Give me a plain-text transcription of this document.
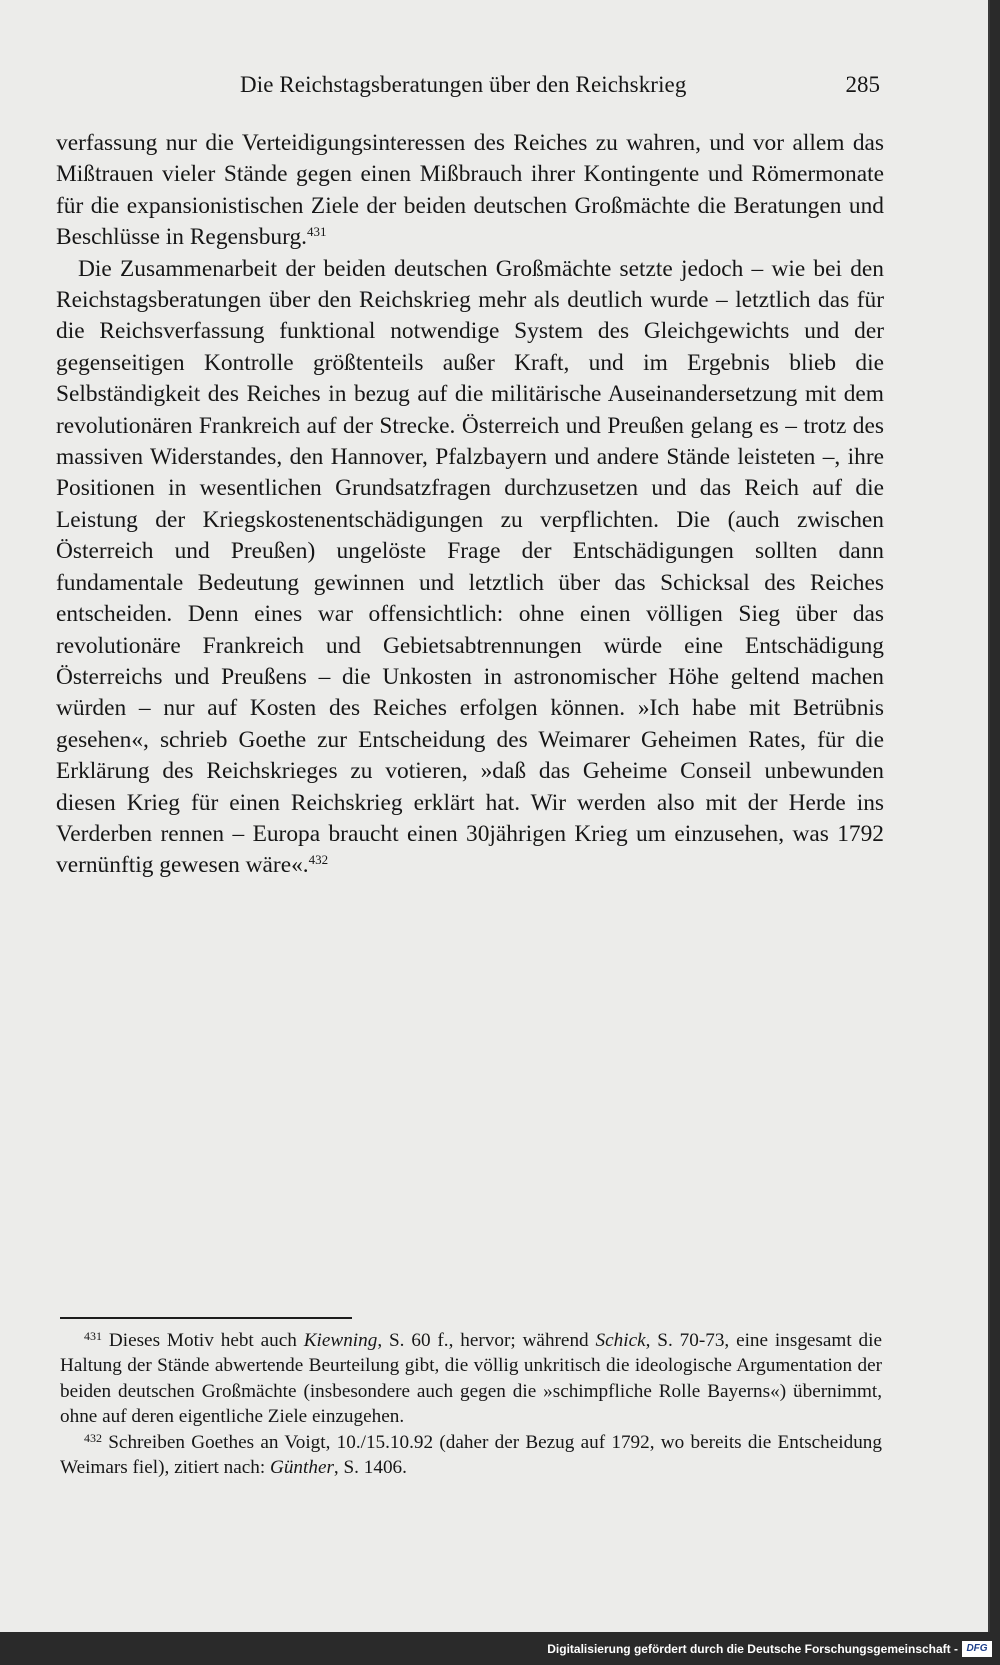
Die Reichstagsberatungen über den Reichskrieg	285

verfassung nur die Verteidigungsinteressen des Reiches zu wahren, und vor allem das Mißtrauen vieler Stände gegen einen Mißbrauch ihrer Kontingente und Römermonate für die expansionistischen Ziele der beiden deutschen Großmächte die Beratungen und Beschlüsse in Regensburg.$^{431}$

Die Zusammenarbeit der beiden deutschen Großmächte setzte jedoch – wie bei den Reichstagsberatungen über den Reichskrieg mehr als deutlich wurde – letztlich das für die Reichsverfassung funktional notwendige System des Gleichgewichts und der gegenseitigen Kontrolle größtenteils außer Kraft, und im Ergebnis blieb die Selbständigkeit des Reiches in bezug auf die militärische Auseinandersetzung mit dem revolutionären Frankreich auf der Strecke. Österreich und Preußen gelang es – trotz des massiven Widerstandes, den Hannover, Pfalzbayern und andere Stände leisteten –, ihre Positionen in wesentlichen Grundsatzfragen durchzusetzen und das Reich auf die Leistung der Kriegskostenentschädigungen zu verpflichten. Die (auch zwischen Österreich und Preußen) ungelöste Frage der Entschädigungen sollten dann fundamentale Bedeutung gewinnen und letztlich über das Schicksal des Reiches entscheiden. Denn eines war offensichtlich: ohne einen völligen Sieg über das revolutionäre Frankreich und Gebietsabtrennungen würde eine Entschädigung Österreichs und Preußens – die Unkosten in astronomischer Höhe geltend machen würden – nur auf Kosten des Reiches erfolgen können. »Ich habe mit Betrübnis gesehen«, schrieb Goethe zur Entscheidung des Weimarer Geheimen Rates, für die Erklärung des Reichskrieges zu votieren, »daß das Geheime Conseil unbewunden diesen Krieg für einen Reichskrieg erklärt hat. Wir werden also mit der Herde ins Verderben rennen – Europa braucht einen 30jährigen Krieg um einzusehen, was 1792 vernünftig gewesen wäre«.$^{432}$

$^{431}$ Dieses Motiv hebt auch Kiewning, S. 60 f., hervor; während Schick, S. 70-73, eine insgesamt die Haltung der Stände abwertende Beurteilung gibt, die völlig unkritisch die ideologische Argumentation der beiden deutschen Großmächte (insbesondere auch gegen die »schimpfliche Rolle Bayerns«) übernimmt, ohne auf deren eigentliche Ziele einzugehen.

$^{432}$ Schreiben Goethes an Voigt, 10./15.10.92 (daher der Bezug auf 1792, wo bereits die Entscheidung Weimars fiel), zitiert nach: Günther, S. 1406.

Digitalisierung gefördert durch die Deutsche Forschungsgemeinschaft - DFG
